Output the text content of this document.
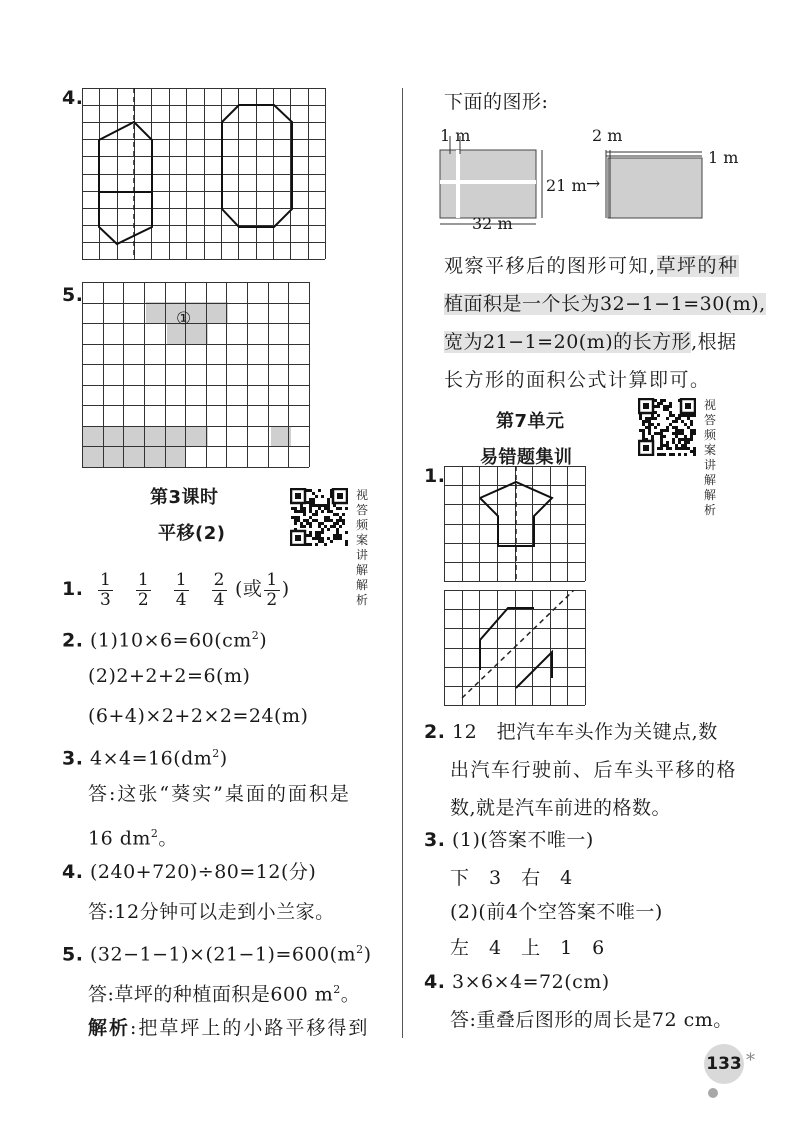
4.
5.
①
第3课时
平移(2)
视答
频案
讲解
解析
1. $\frac{1}{3}$
$\frac{1}{2}$
$\frac{1}{4}$
$\frac{2}{4}$ (或 $\frac{1}{2}$ )
2. $(1)10\times 6=60(cm^2)$
(2)2+2+2=6(m)
(6+4)×2+2×2=24(m)
3. $4\times 4=16(dm^2)$
答:这张“葵实”桌面的面积是
16 $dm^2$。
4. (240+720)÷80=12(分)
答:12分钟可以走到小兰家。
5. $(32-1-1)\times(21-1)=600(m^2)$
答:草坪的种植面积是600 $m^2$。
解析:把草坪上的小路平移得到
下面的图形:
1 m	2 m
1 m
21 m →
32 m
观察平移后的图形可知,草坪的种
植面积是一个长为32−1−1=30(m),
宽为21−1=20(m)的长方形,根据
长方形的面积公式计算即可。
第7单元
易错题集训
视答
频案
讲解
解析
1.
2. 12　把汽车车头作为关键点,数
出汽车行驶前、后车头平移的格
数,就是汽车前进的格数。
3. (1)(答案不唯一)
下　3　右　4
(2)(前4个空答案不唯一)
左　4　上　1　6
4. 3×6×4=72(cm)
答:重叠后图形的周长是72 cm。
133 *
